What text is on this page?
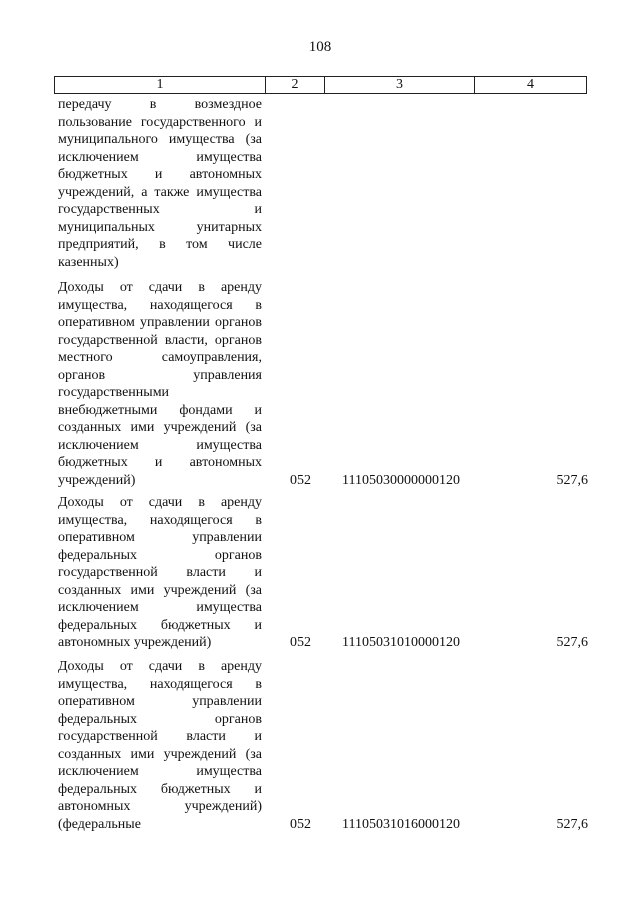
108
1	2	3	4

передачу в возмездное пользование государственного и муниципального имущества (за исключением имущества бюджетных и автономных учреждений, а также имущества государственных и муниципальных унитарных предприятий, в том числе казенных)

Доходы от сдачи в аренду имущества, находящегося в оперативном управлении органов государственной власти, органов местного самоуправления, органов управления государственными внебюджетными фондами и созданных ими учреждений (за исключением имущества бюджетных и автономных учреждений)	052 11105030000000120	527,6

Доходы от сдачи в аренду имущества, находящегося в оперативном управлении федеральных органов государственной власти и созданных ими учреждений (за исключением имущества федеральных бюджетных и автономных учреждений)	052 11105031010000120	527,6

Доходы от сдачи в аренду имущества, находящегося в оперативном управлении федеральных органов государственной власти и созданных ими учреждений (за исключением имущества федеральных бюджетных и автономных учреждений) (федеральные	052 11105031016000120	527,6
